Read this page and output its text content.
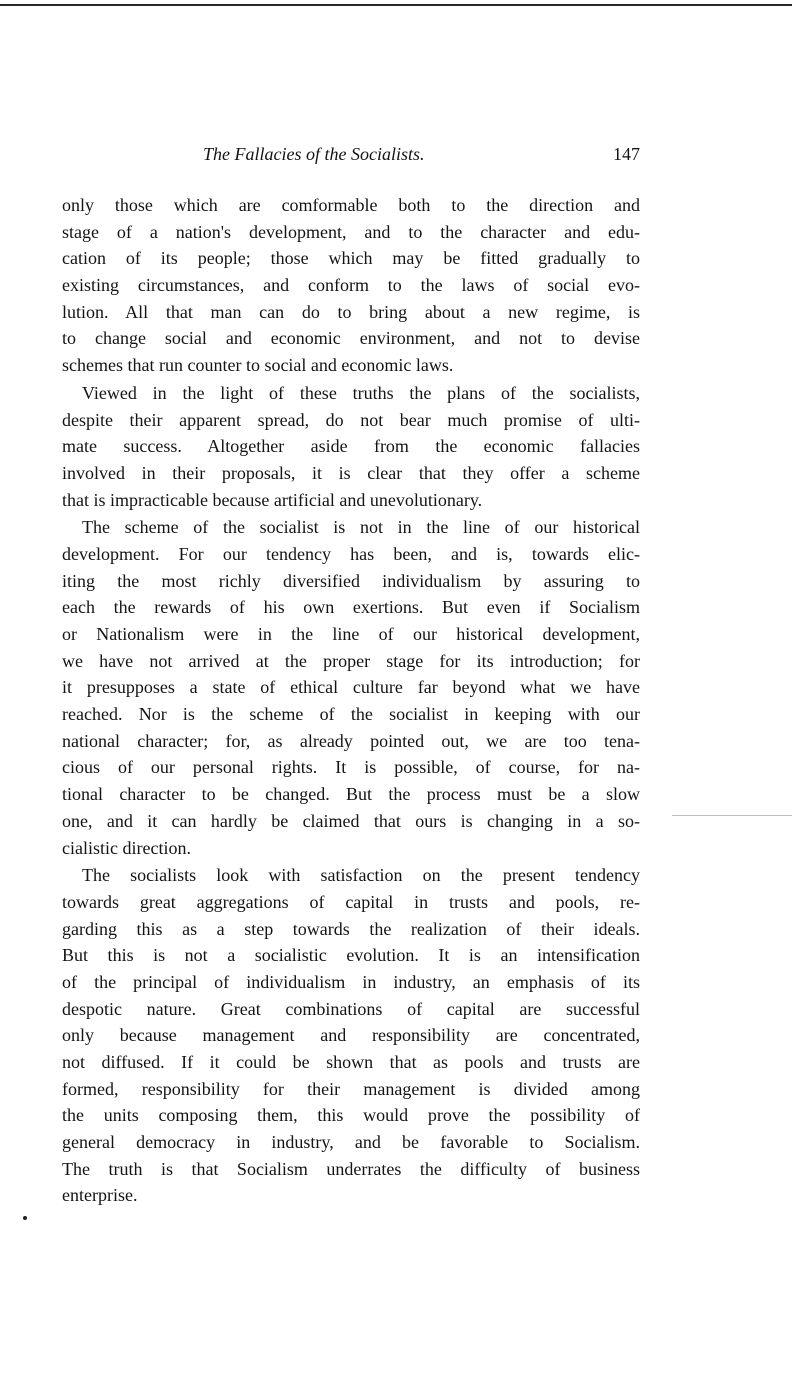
The Fallacies of the Socialists.	147

only those which are comformable both to the direction and
stage of a nation's development, and to the character and edu-
cation of its people; those which may be fitted gradually to
existing circumstances, and conform to the laws of social evo-
lution. All that man can do to bring about a new regime, is
to change social and economic environment, and not to devise
schemes that run counter to social and economic laws.

Viewed in the light of these truths the plans of the socialists,
despite their apparent spread, do not bear much promise of ulti-
mate success. Altogether aside from the economic fallacies
involved in their proposals, it is clear that they offer a scheme
that is impracticable because artificial and unevolutionary.

The scheme of the socialist is not in the line of our historical
development. For our tendency has been, and is, towards elic-
iting the most richly diversified individualism by assuring to
each the rewards of his own exertions. But even if Socialism
or Nationalism were in the line of our historical development,
we have not arrived at the proper stage for its introduction; for
it presupposes a state of ethical culture far beyond what we have
reached. Nor is the scheme of the socialist in keeping with our
national character; for, as already pointed out, we are too tena-
cious of our personal rights. It is possible, of course, for na-
tional character to be changed. But the process must be a slow
one, and it can hardly be claimed that ours is changing in a so-
cialistic direction.

The socialists look with satisfaction on the present tendency
towards great aggregations of capital in trusts and pools, re-
garding this as a step towards the realization of their ideals.
But this is not a socialistic evolution. It is an intensification
of the principal of individualism in industry, an emphasis of its
despotic nature. Great combinations of capital are successful
only because management and responsibility are concentrated,
not diffused. If it could be shown that as pools and trusts are
formed, responsibility for their management is divided among
the units composing them, this would prove the possibility of
general democracy in industry, and be favorable to Socialism.
The truth is that Socialism underrates the difficulty of business
enterprise.
